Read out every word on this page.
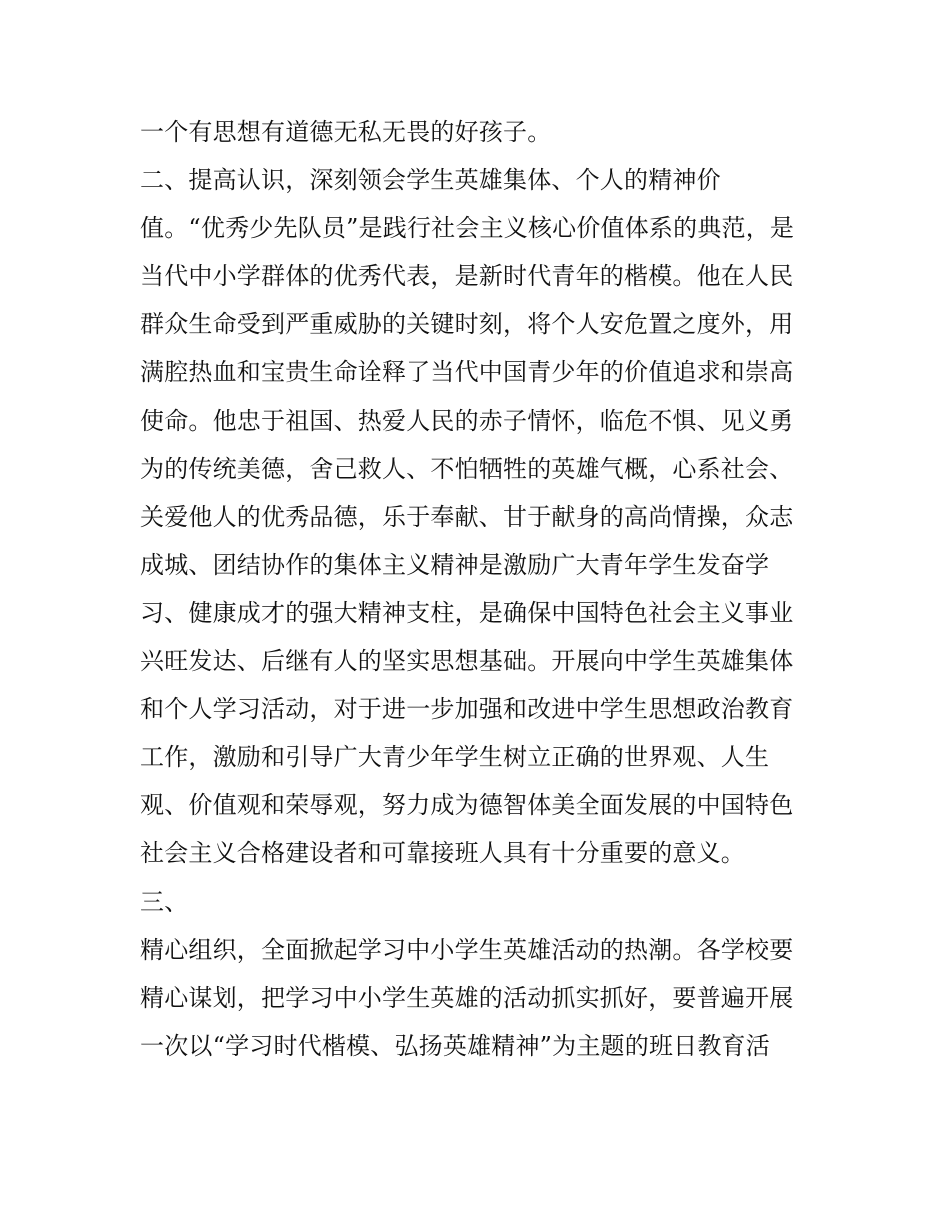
一个有思想有道德无私无畏的好孩子。
二、提高认识，深刻领会学生英雄集体、个人的精神价
值。“优秀少先队员”是践行社会主义核心价值体系的典范，是
当代中小学群体的优秀代表，是新时代青年的楷模。他在人民
群众生命受到严重威胁的关键时刻，将个人安危置之度外，用
满腔热血和宝贵生命诠释了当代中国青少年的价值追求和崇高
使命。他忠于祖国、热爱人民的赤子情怀，临危不惧、见义勇
为的传统美德，舍己救人、不怕牺牲的英雄气概，心系社会、
关爱他人的优秀品德，乐于奉献、甘于献身的高尚情操，众志
成城、团结协作的集体主义精神是激励广大青年学生发奋学
习、健康成才的强大精神支柱，是确保中国特色社会主义事业
兴旺发达、后继有人的坚实思想基础。开展向中学生英雄集体
和个人学习活动，对于进一步加强和改进中学生思想政治教育
工作，激励和引导广大青少年学生树立正确的世界观、人生
观、价值观和荣辱观，努力成为德智体美全面发展的中国特色
社会主义合格建设者和可靠接班人具有十分重要的意义。
三、
精心组织，全面掀起学习中小学生英雄活动的热潮。各学校要
精心谋划，把学习中小学生英雄的活动抓实抓好，要普遍开展
一次以“学习时代楷模、弘扬英雄精神”为主题的班日教育活
